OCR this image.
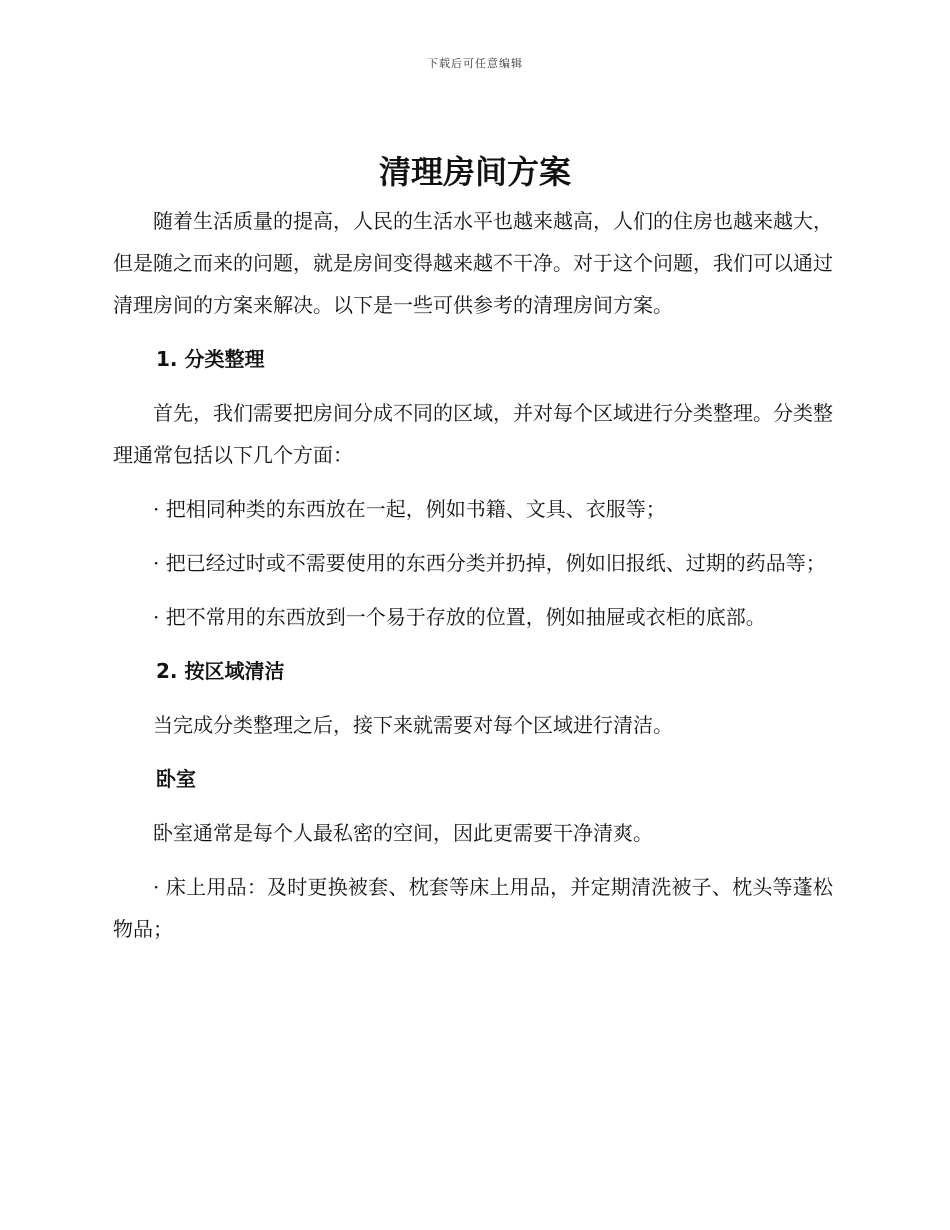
下载后可任意编辑
清理房间方案

随着生活质量的提高，人民的生活水平也越来越高，人们的住房也越来越大，但是随之而来的问题，就是房间变得越来越不干净。对于这个问题，我们可以通过清理房间的方案来解决。以下是一些可供参考的清理房间方案。

1. 分类整理

首先，我们需要把房间分成不同的区域，并对每个区域进行分类整理。分类整理通常包括以下几个方面：

· 把相同种类的东西放在一起，例如书籍、文具、衣服等；

· 把已经过时或不需要使用的东西分类并扔掉，例如旧报纸、过期的药品等；

· 把不常用的东西放到一个易于存放的位置，例如抽屉或衣柜的底部。

2. 按区域清洁

当完成分类整理之后，接下来就需要对每个区域进行清洁。

卧室

卧室通常是每个人最私密的空间，因此更需要干净清爽。

· 床上用品：及时更换被套、枕套等床上用品，并定期清洗被子、枕头等蓬松物品；
